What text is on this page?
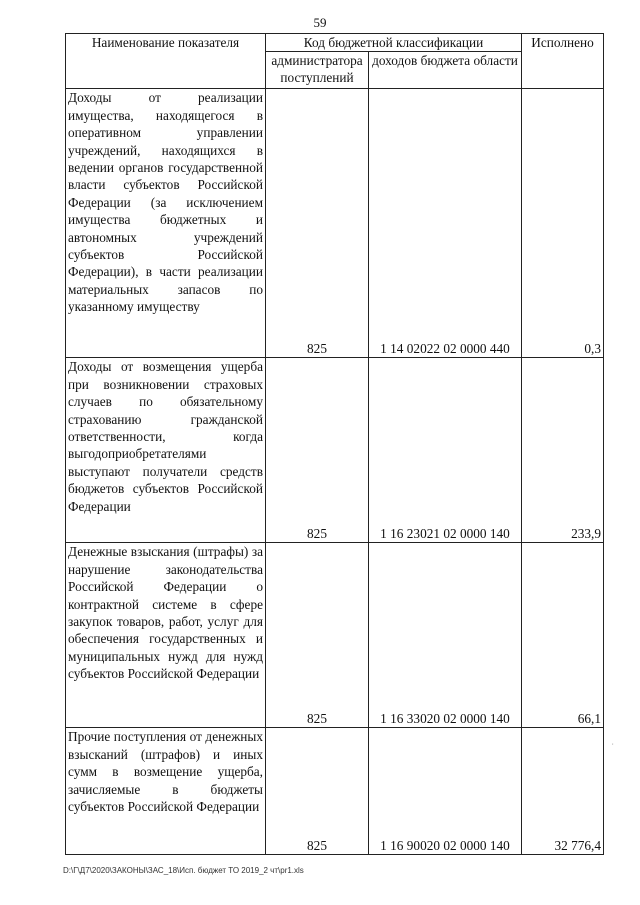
59
Наименование показателя	Код бюджетной классификации		Исполнено
	администратора поступлений	доходов бюджета области	
Доходы от реализации имущества, находящегося в оперативном управлении учреждений, находящихся в ведении органов государственной власти субъектов Российской Федерации (за исключением имущества бюджетных и автономных учреждений субъектов Российской Федерации), в части реализации материальных запасов по указанному имуществу	825	1 14 02022 02 0000 440	0,3
Доходы от возмещения ущерба при возникновении страховых случаев по обязательному страхованию гражданской ответственности, когда выгодоприобретателями выступают получатели средств бюджетов субъектов Российской Федерации	825	1 16 23021 02 0000 140	233,9
Денежные взыскания (штрафы) за нарушение законодательства Российской Федерации о контрактной системе в сфере закупок товаров, работ, услуг для обеспечения государственных и муниципальных нужд для нужд субъектов Российской Федерации	825	1 16 33020 02 0000 140	66,1
Прочие поступления от денежных взысканий (штрафов) и иных сумм в возмещение ущерба, зачисляемые в бюджеты субъектов Российской Федерации	825	1 16 90020 02 0000 140	32 776,4
˙
D:\Г\Д7\2020\ЗАКОНЫ\ЗАС_18\Исп. бюджет ТО 2019_2 чт\pr1.xls
